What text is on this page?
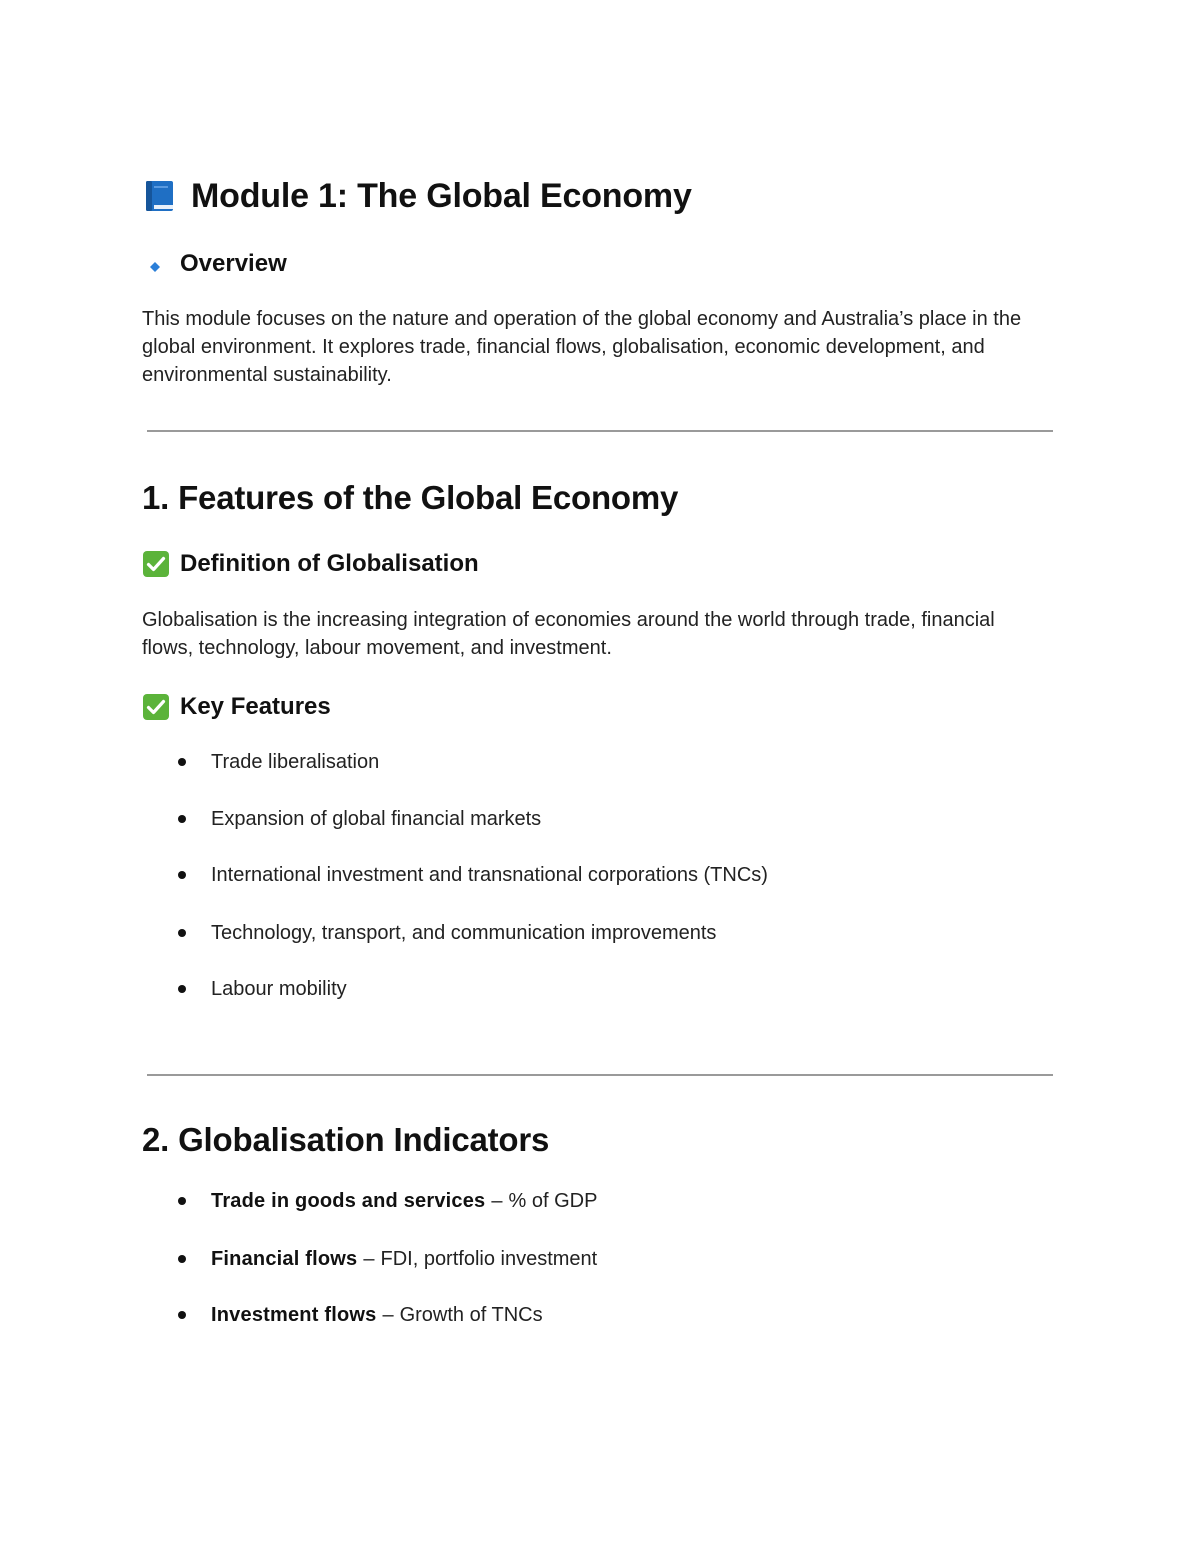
Module 1: The Global Economy
Overview

This module focuses on the nature and operation of the global economy and Australia’s place in the global environment. It explores trade, financial flows, globalisation, economic development, and environmental sustainability.

1. Features of the Global Economy
Definition of Globalisation

Globalisation is the increasing integration of economies around the world through trade, financial flows, technology, labour movement, and investment.

Key Features
Trade liberalisation
Expansion of global financial markets
International investment and transnational corporations (TNCs)
Technology, transport, and communication improvements
Labour mobility
2. Globalisation Indicators
Trade in goods and services – % of GDP
Financial flows – FDI, portfolio investment
Investment flows – Growth of TNCs
